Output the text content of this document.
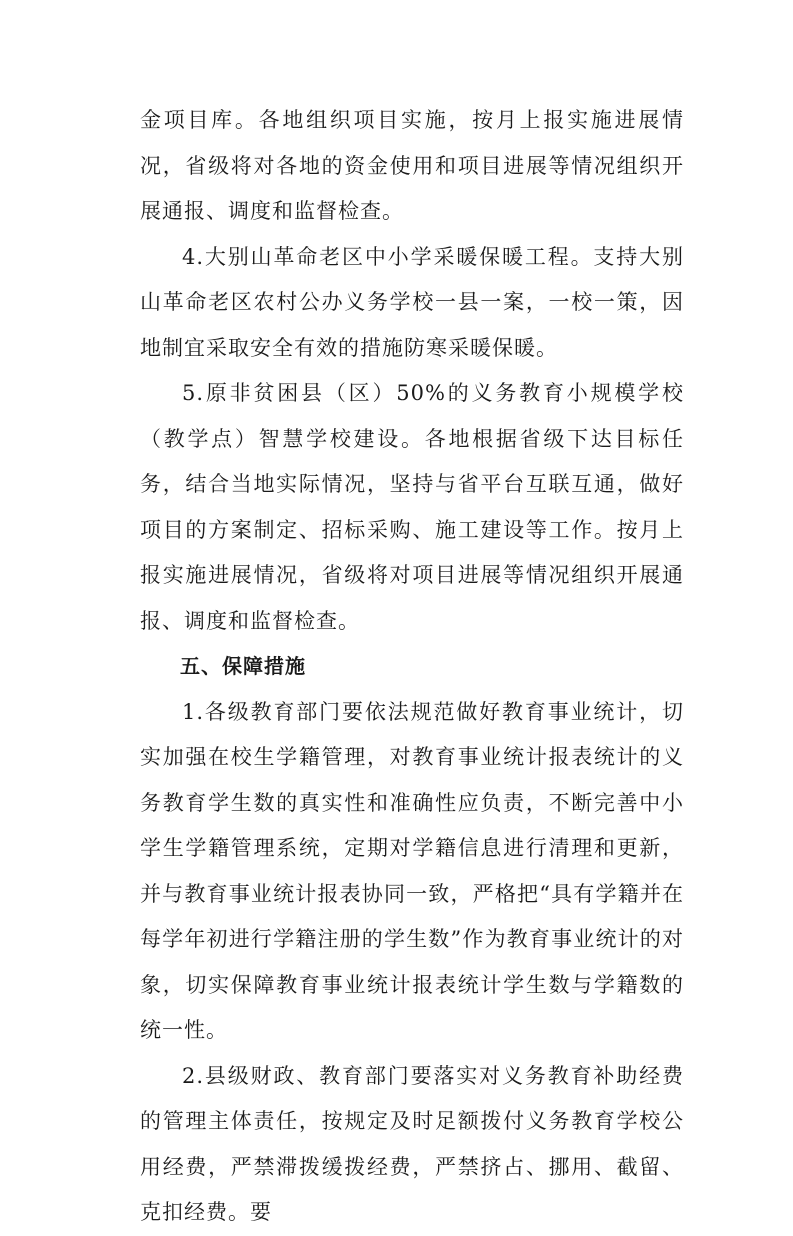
金项目库。各地组织项目实施，按月上报实施进展情况，省级将对各地的资金使用和项目进展等情况组织开展通报、调度和监督检查。

4.大别山革命老区中小学采暖保暖工程。支持大别山革命老区农村公办义务学校一县一案，一校一策，因地制宜采取安全有效的措施防寒采暖保暖。

5.原非贫困县（区）50%的义务教育小规模学校（教学点）智慧学校建设。各地根据省级下达目标任务，结合当地实际情况，坚持与省平台互联互通，做好项目的方案制定、招标采购、施工建设等工作。按月上报实施进展情况，省级将对项目进展等情况组织开展通报、调度和监督检查。

五、保障措施

1.各级教育部门要依法规范做好教育事业统计，切实加强在校生学籍管理，对教育事业统计报表统计的义务教育学生数的真实性和准确性应负责，不断完善中小学生学籍管理系统，定期对学籍信息进行清理和更新，并与教育事业统计报表协同一致，严格把“具有学籍并在每学年初进行学籍注册的学生数”作为教育事业统计的对象，切实保障教育事业统计报表统计学生数与学籍数的统一性。

2.县级财政、教育部门要落实对义务教育补助经费的管理主体责任，按规定及时足额拨付义务教育学校公用经费，严禁滞拨缓拨经费，严禁挤占、挪用、截留、克扣经费。要
